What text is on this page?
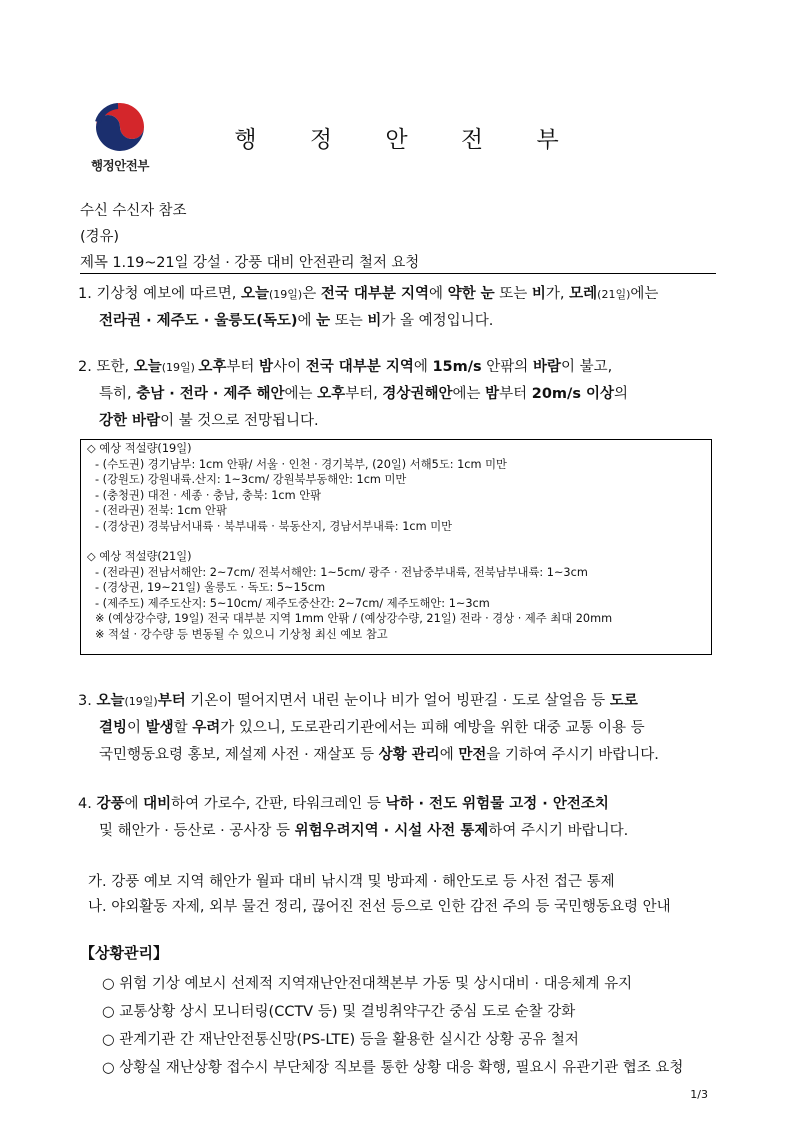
행정안전부
행 정 안 전 부
수신 수신자 참조
(경유)
제목 1.19~21일 강설 · 강풍 대비 안전관리 철저 요청
1. 기상청 예보에 따르면, 오늘(19일)은 전국 대부분 지역에 약한 눈 또는 비가, 모레(21일)에는
전라권 · 제주도 · 울릉도(독도)에 눈 또는 비가 올 예정입니다.
2. 또한, 오늘(19일) 오후부터 밤사이 전국 대부분 지역에 15m/s 안팎의 바람이 불고,
특히, 충남 · 전라 · 제주 해안에는 오후부터, 경상권해안에는 밤부터 20m/s 이상의
강한 바람이 불 것으로 전망됩니다.
◇ 예상 적설량(19일)
- (수도권) 경기남부: 1cm 안팎/ 서울 · 인천 · 경기북부, (20일) 서해5도: 1cm 미만
- (강원도) 강원내륙.산지: 1~3cm/ 강원북부동해안: 1cm 미만
- (충청권) 대전 · 세종 · 충남, 충북: 1cm 안팎
- (전라권) 전북: 1cm 안팎
- (경상권) 경북남서내륙 · 북부내륙 · 북동산지, 경남서부내륙: 1cm 미만
◇ 예상 적설량(21일)
- (전라권) 전남서해안: 2~7cm/ 전북서해안: 1~5cm/ 광주 · 전남중부내륙, 전북남부내륙: 1~3cm
- (경상권, 19~21일) 울릉도 · 독도: 5~15cm
- (제주도) 제주도산지: 5~10cm/ 제주도중산간: 2~7cm/ 제주도해안: 1~3cm
※ (예상강수량, 19일) 전국 대부분 지역 1mm 안팎 / (예상강수량, 21일) 전라 · 경상 · 제주 최대 20mm
※ 적설 · 강수량 등 변동될 수 있으니 기상청 최신 예보 참고
3. 오늘(19일)부터 기온이 떨어지면서 내린 눈이나 비가 얼어 빙판길 · 도로 살얼음 등 도로
결빙이 발생할 우려가 있으니, 도로관리기관에서는 피해 예방을 위한 대중 교통 이용 등
국민행동요령 홍보, 제설제 사전 · 재살포 등 상황 관리에 만전을 기하여 주시기 바랍니다.
4. 강풍에 대비하여 가로수, 간판, 타워크레인 등 낙하 · 전도 위험물 고정 · 안전조치
및 해안가 · 등산로 · 공사장 등 위험우려지역 · 시설 사전 통제하여 주시기 바랍니다.
가. 강풍 예보 지역 해안가 월파 대비 낚시객 및 방파제 · 해안도로 등 사전 접근 통제
나. 야외활동 자제, 외부 물건 정리, 끊어진 전선 등으로 인한 감전 주의 등 국민행동요령 안내
【상황관리】
○ 위험 기상 예보시 선제적 지역재난안전대책본부 가동 및 상시대비 · 대응체계 유지
○ 교통상황 상시 모니터링(CCTV 등) 및 결빙취약구간 중심 도로 순찰 강화
○ 관계기관 간 재난안전통신망(PS-LTE) 등을 활용한 실시간 상황 공유 철저
○ 상황실 재난상황 접수시 부단체장 직보를 통한 상황 대응 확행, 필요시 유관기관 협조 요청
1/3
